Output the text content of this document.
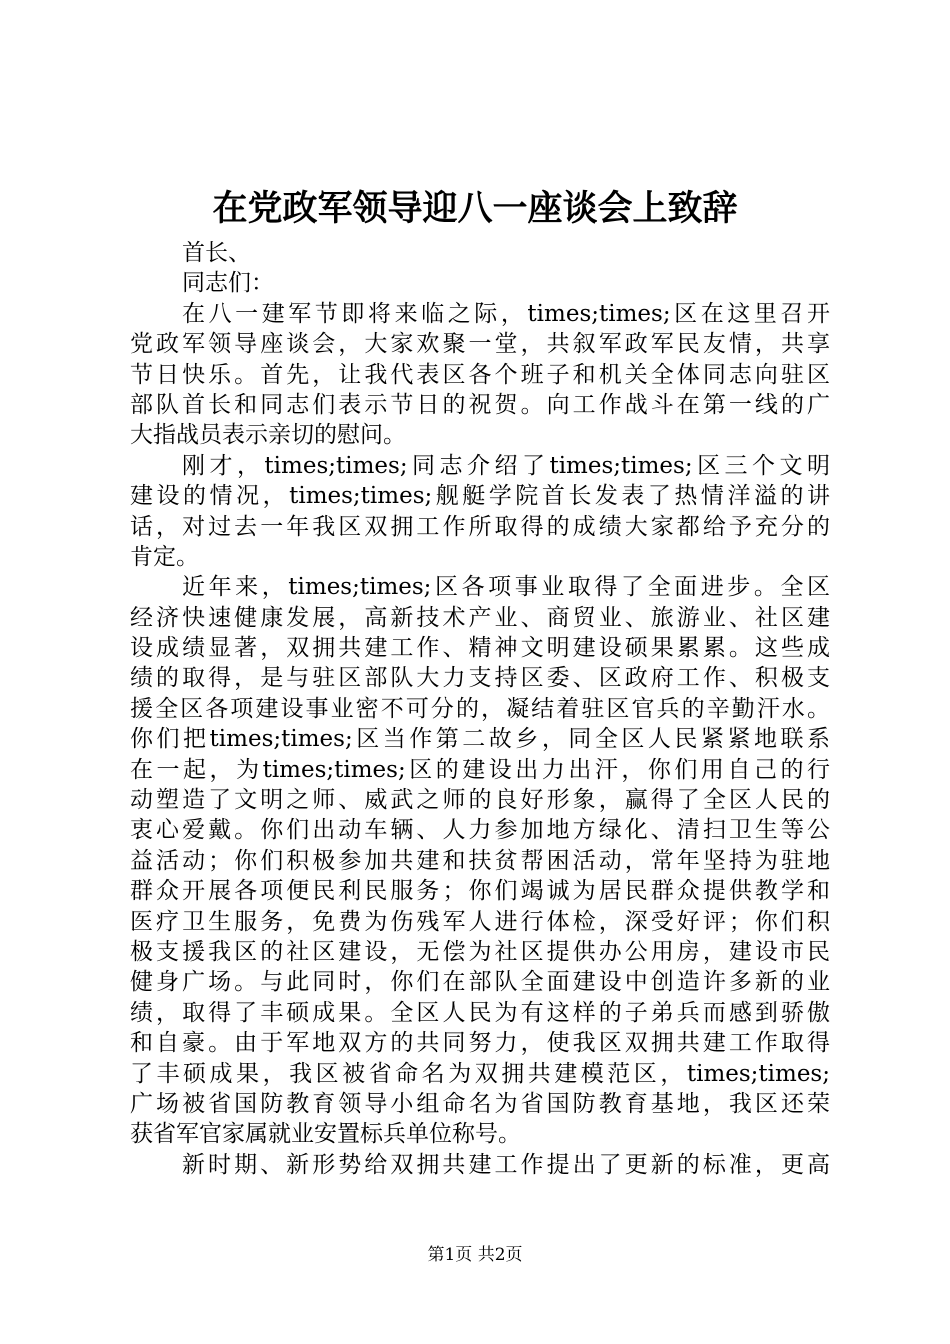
在党政军领导迎八一座谈会上致辞
首长、
同志们：
在八一建军节即将来临之际，times;times;区在这里召开
党政军领导座谈会，大家欢聚一堂，共叙军政军民友情，共享
节日快乐。首先，让我代表区各个班子和机关全体同志向驻区
部队首长和同志们表示节日的祝贺。向工作战斗在第一线的广
大指战员表示亲切的慰问。
刚才，times;times;同志介绍了times;times;区三个文明
建设的情况，times;times;舰艇学院首长发表了热情洋溢的讲
话，对过去一年我区双拥工作所取得的成绩大家都给予充分的
肯定。
近年来，times;times;区各项事业取得了全面进步。全区
经济快速健康发展，高新技术产业、商贸业、旅游业、社区建
设成绩显著，双拥共建工作、精神文明建设硕果累累。这些成
绩的取得，是与驻区部队大力支持区委、区政府工作、积极支
援全区各项建设事业密不可分的，凝结着驻区官兵的辛勤汗水。
你们把times;times;区当作第二故乡，同全区人民紧紧地联系
在一起，为times;times;区的建设出力出汗，你们用自己的行
动塑造了文明之师、威武之师的良好形象，赢得了全区人民的
衷心爱戴。你们出动车辆、人力参加地方绿化、清扫卫生等公
益活动；你们积极参加共建和扶贫帮困活动，常年坚持为驻地
群众开展各项便民利民服务；你们竭诚为居民群众提供教学和
医疗卫生服务，免费为伤残军人进行体检，深受好评；你们积
极支援我区的社区建设，无偿为社区提供办公用房，建设市民
健身广场。与此同时，你们在部队全面建设中创造许多新的业
绩，取得了丰硕成果。全区人民为有这样的子弟兵而感到骄傲
和自豪。由于军地双方的共同努力，使我区双拥共建工作取得
了丰硕成果，我区被省命名为双拥共建模范区，times;times;
广场被省国防教育领导小组命名为省国防教育基地，我区还荣
获省军官家属就业安置标兵单位称号。
新时期、新形势给双拥共建工作提出了更新的标准，更高
第1页 共2页
